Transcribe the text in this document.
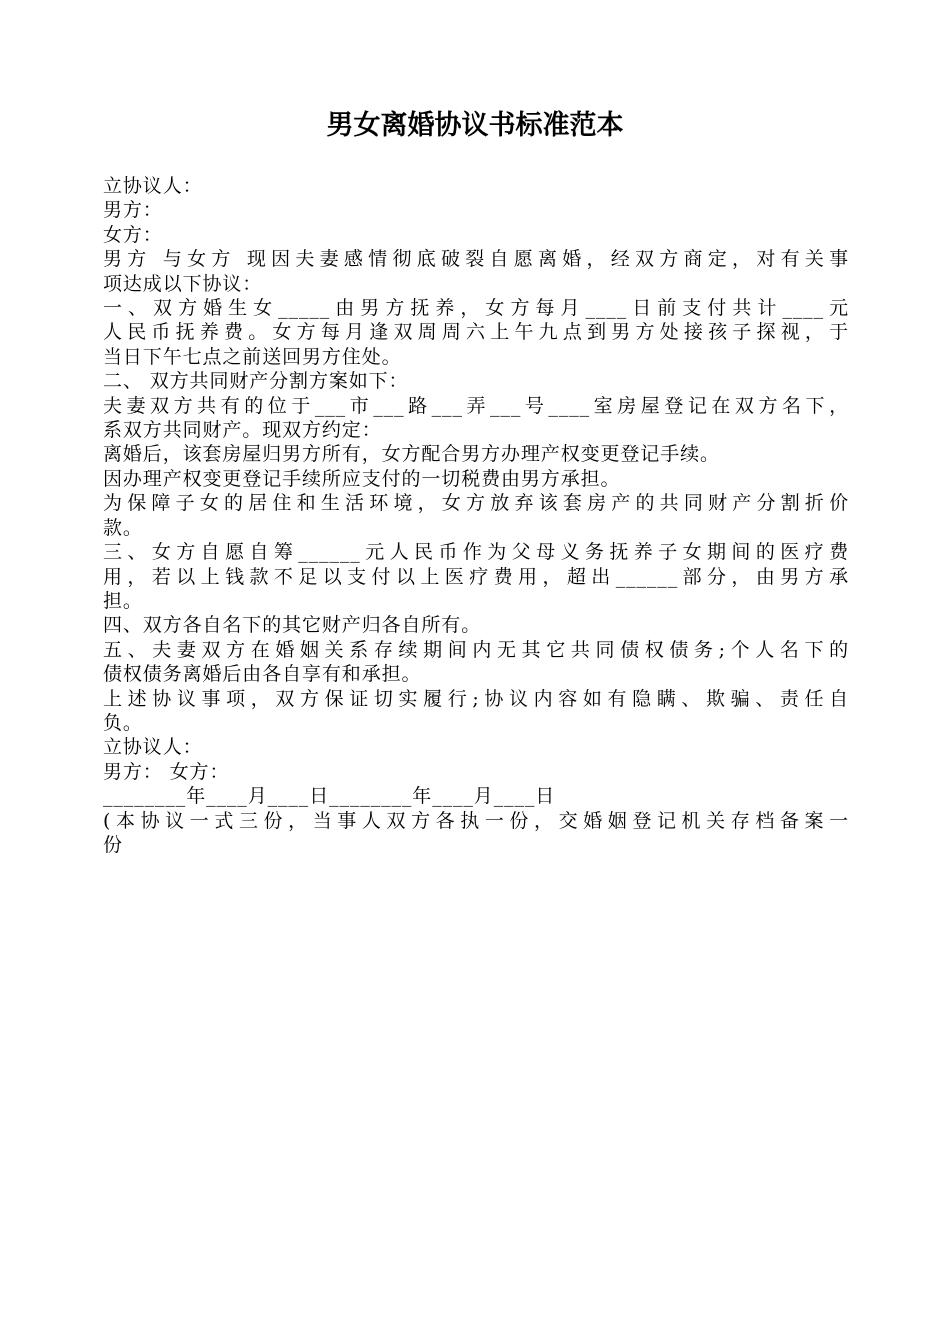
男女离婚协议书标准范本

立协议人：

男方：

女方：

男方 与女方 现因夫妻感情彻底破裂自愿离婚，经双方商定，对有关事

项达成以下协议：

一、双方婚生女_____由男方抚养，女方每月____日前支付共计____元

人民币抚养费。女方每月逢双周周六上午九点到男方处接孩子探视，于

当日下午七点之前送回男方住处。

二、 双方共同财产分割方案如下：

夫妻双方共有的位于___市___路___弄___号____室房屋登记在双方名下，

系双方共同财产。现双方约定：

离婚后，该套房屋归男方所有，女方配合男方办理产权变更登记手续。

因办理产权变更登记手续所应支付的一切税费由男方承担。

为保障子女的居住和生活环境，女方放弃该套房产的共同财产分割折价

款。

三、女方自愿自筹______元人民币作为父母义务抚养子女期间的医疗费

用，若以上钱款不足以支付以上医疗费用，超出______部分，由男方承

担。

四、双方各自名下的其它财产归各自所有。

五、夫妻双方在婚姻关系存续期间内无其它共同债权债务;个人名下的

债权债务离婚后由各自享有和承担。

上述协议事项，双方保证切实履行;协议内容如有隐瞒、欺骗、责任自

负。

立协议人：

男方： 女方：

________年____月____日________年____月____日

(本协议一式三份，当事人双方各执一份，交婚姻登记机关存档备案一

份
